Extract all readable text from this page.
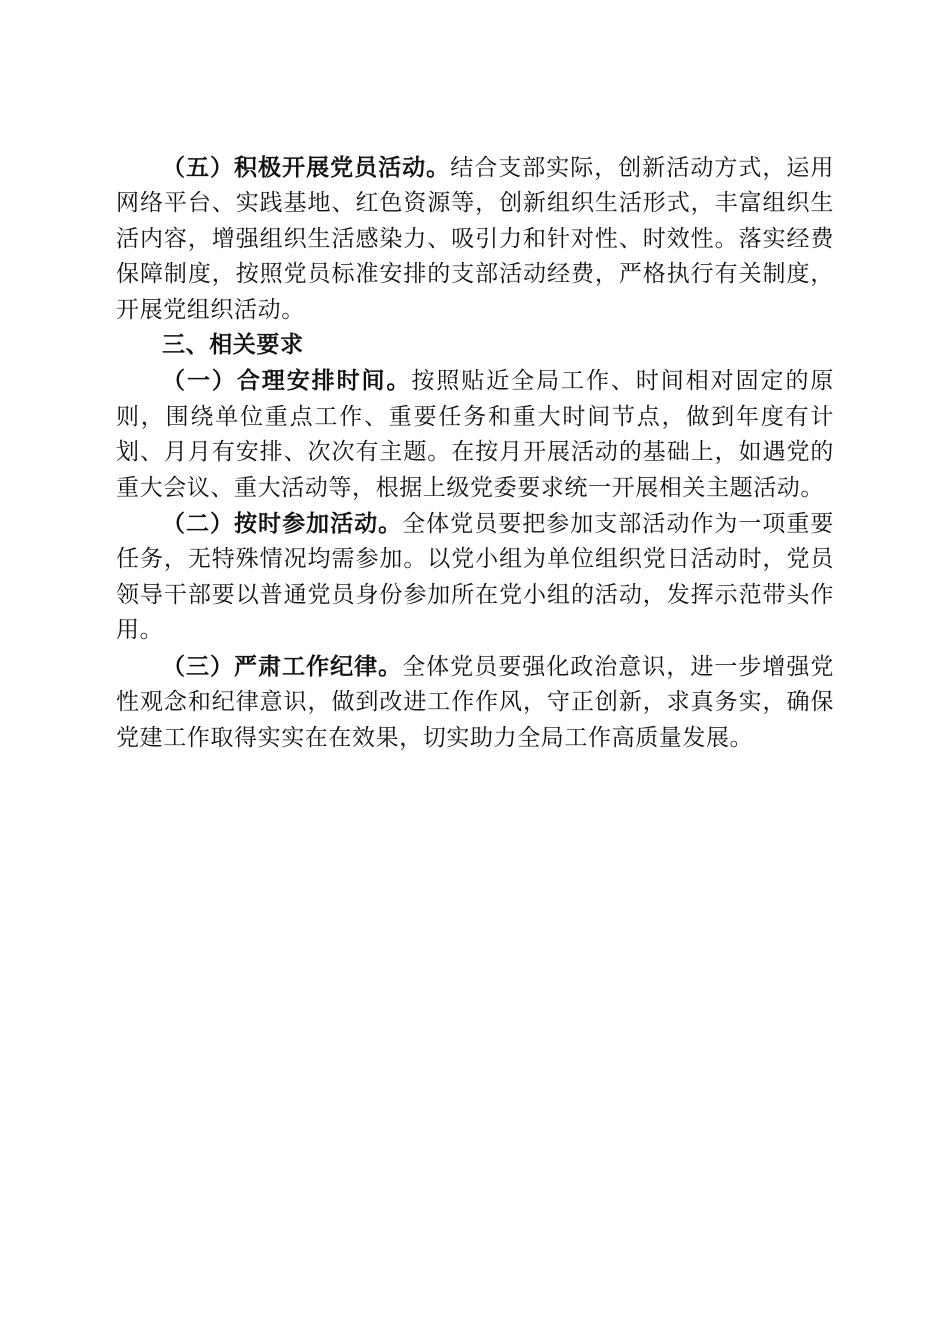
（五）积极开展党员活动。结合支部实际，创新活动方式，运用网络平台、实践基地、红色资源等，创新组织生活形式，丰富组织生活内容，增强组织生活感染力、吸引力和针对性、时效性。落实经费保障制度，按照党员标准安排的支部活动经费，严格执行有关制度，开展党组织活动。

三、相关要求

（一）合理安排时间。按照贴近全局工作、时间相对固定的原则，围绕单位重点工作、重要任务和重大时间节点，做到年度有计划、月月有安排、次次有主题。在按月开展活动的基础上，如遇党的重大会议、重大活动等，根据上级党委要求统一开展相关主题活动。

（二）按时参加活动。全体党员要把参加支部活动作为一项重要任务，无特殊情况均需参加。以党小组为单位组织党日活动时，党员领导干部要以普通党员身份参加所在党小组的活动，发挥示范带头作用。

（三）严肃工作纪律。全体党员要强化政治意识，进一步增强党性观念和纪律意识，做到改进工作作风，守正创新，求真务实，确保党建工作取得实实在在效果，切实助力全局工作高质量发展。
